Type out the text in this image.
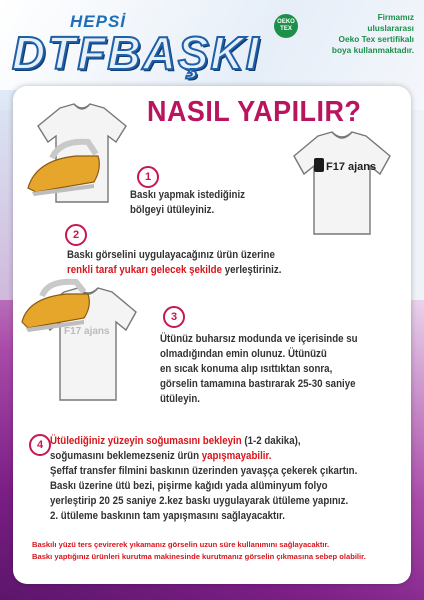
HEPSİ
DTFBAŞKI
OEKO TEX
Firmamız
uluslararası
Oeko Tex sertifikalı
boya kullanmaktadır.
NASIL YAPILIR?
F17 ajans
F17 ajans
1
Baskı yapmak istediğiniz
bölgeyi ütüleyiniz.
2
Baskı görselini uygulayacağınız ürün üzerine
renkli taraf yukarı gelecek şekilde yerleştiriniz.
3
Ütünüz buharsız modunda ve içerisinde su
olmadığından emin olunuz. Ütünüzü
en sıcak konuma alıp ısıttıktan sonra,
görselin tamamına bastırarak 25-30 saniye
ütüleyin.
4 Ütülediğiniz yüzeyin soğumasını bekleyin (1-2 dakika),
soğumasını beklemezseniz ürün yapışmayabilir.
Şeffaf transfer filmini baskının üzerinden yavaşça çekerek çıkartın.
Baskı üzerine ütü bezi, pişirme kağıdı yada alüminyum folyo
yerleştirip 20 25 saniye 2.kez baskı uygulayarak ütüleme yapınız.
2. ütüleme baskının tam yapışmasını sağlayacaktır.
Baskılı yüzü ters çevirerek yıkamanız görselin uzun süre kullanımını sağlayacaktır.
Baskı yaptığınız ürünleri kurutma makinesinde kurutmanız görselin çıkmasına sebep olabilir.
